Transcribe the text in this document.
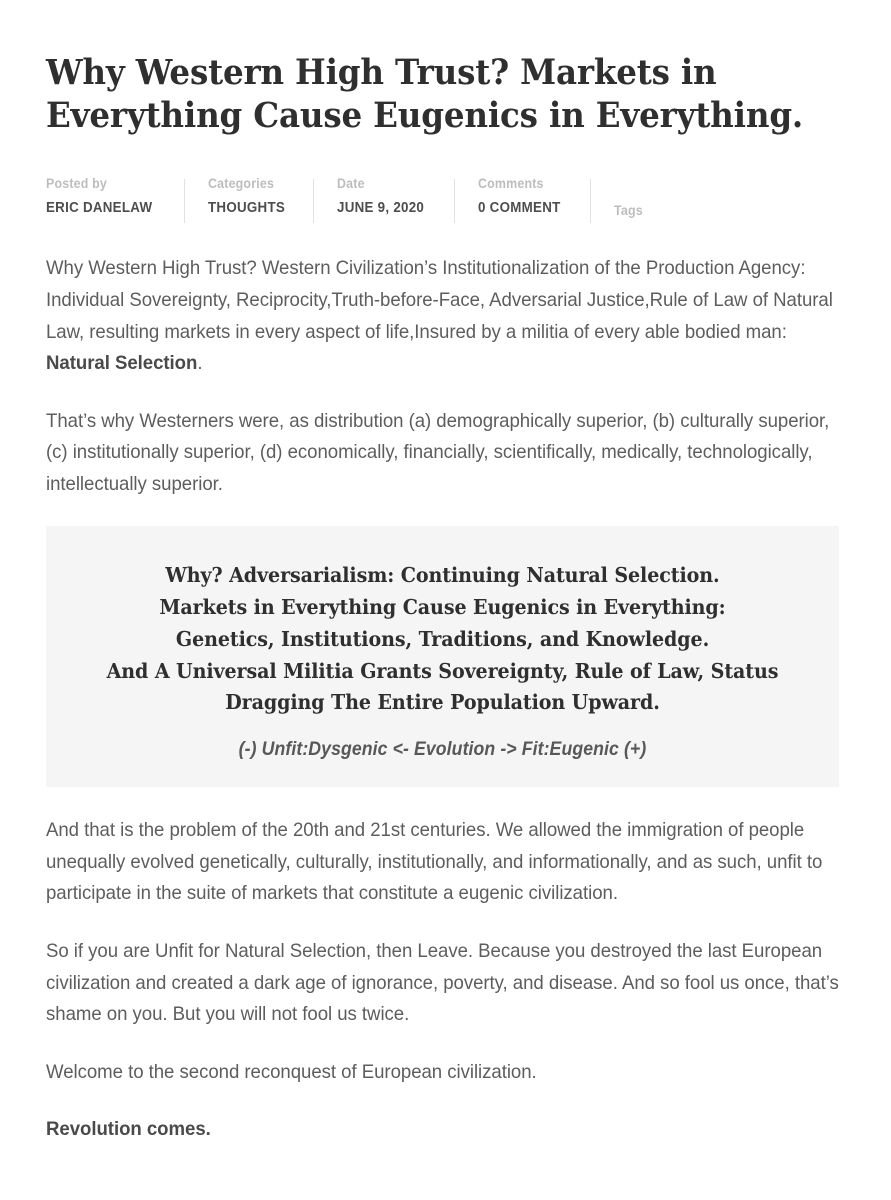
Why Western High Trust? Markets in Everything Cause Eugenics in Everything.
Posted by
ERIC DANELAW
Categories
THOUGHTS
Date
JUNE 9, 2020
Comments
0 COMMENT	Tags

Why Western High Trust? Western Civilization’s Institutionalization of the Production Agency: Individual Sovereignty, Reciprocity,Truth-before-Face, Adversarial Justice,Rule of Law of Natural Law, resulting markets in every aspect of life,Insured by a militia of every able bodied man: Natural Selection.

That’s why Westerners were, as distribution (a) demographically superior, (b) culturally superior, (c) institutionally superior, (d) economically, financially, scientifically, medically, technologically, intellectually superior.

Why? Adversarialism: Continuing Natural Selection.
Markets in Everything Cause Eugenics in Everything:
Genetics, Institutions, Traditions, and Knowledge.
And A Universal Militia Grants Sovereignty, Rule of Law, Status Dragging The Entire Population Upward.
(-) Unfit:Dysgenic <- Evolution -> Fit:Eugenic (+)

And that is the problem of the 20th and 21st centuries. We allowed the immigration of people unequally evolved genetically, culturally, institutionally, and informationally, and as such, unfit to participate in the suite of markets that constitute a eugenic civilization.

So if you are Unfit for Natural Selection, then Leave. Because you destroyed the last European civilization and created a dark age of ignorance, poverty, and disease. And so fool us once, that’s shame on you. But you will not fool us twice.

Welcome to the second reconquest of European civilization.

Revolution comes.
